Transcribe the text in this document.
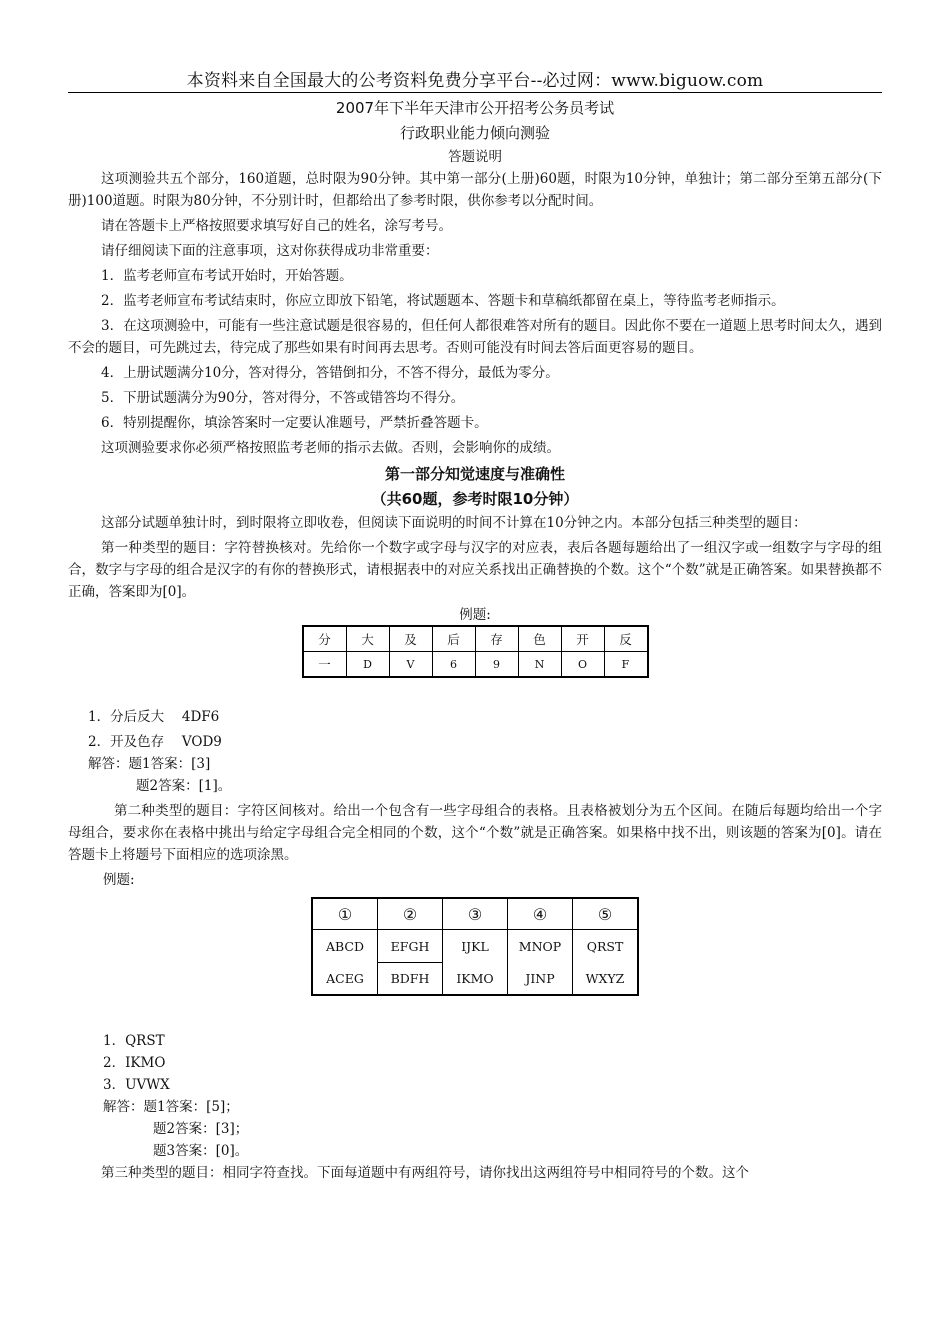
本资料来自全国最大的公考资料免费分享平台--必过网：www.biguow.com
2007年下半年天津市公开招考公务员考试
行政职业能力倾向测验
答题说明

这项测验共五个部分，160道题，总时限为90分钟。其中第一部分(上册)60题，时限为10分钟，单独计；第二部分至第五部分(下册)100道题。时限为80分钟，不分别计时，但都给出了参考时限，供你参考以分配时间。

请在答题卡上严格按照要求填写好自己的姓名，涂写考号。

请仔细阅读下面的注意事项，这对你获得成功非常重要：

1．监考老师宣布考试开始时，开始答题。

2．监考老师宣布考试结束时，你应立即放下铅笔，将试题题本、答题卡和草稿纸都留在桌上，等待监考老师指示。

3．在这项测验中，可能有一些注意试题是很容易的，但任何人都很难答对所有的题目。因此你不要在一道题上思考时间太久，遇到不会的题目，可先跳过去，待完成了那些如果有时间再去思考。否则可能没有时间去答后面更容易的题目。

4．上册试题满分10分，答对得分，答错倒扣分，不答不得分，最低为零分。

5．下册试题满分为90分，答对得分，不答或错答均不得分。

6．特别提醒你，填涂答案时一定要认准题号，严禁折叠答题卡。

这项测验要求你必须严格按照监考老师的指示去做。否则，会影响你的成绩。

第一部分知觉速度与准确性
（共60题，参考时限10分钟）

这部分试题单独计时，到时限将立即收卷，但阅读下面说明的时间不计算在10分钟之内。本部分包括三种类型的题目：

第一种类型的题目：字符替换核对。先给你一个数字或字母与汉字的对应表，表后各题每题给出了一组汉字或一组数字与字母的组合，数字与字母的组合是汉字的有你的替换形式，请根据表中的对应关系找出正确替换的个数。这个“个数”就是正确答案。如果替换都不正确，答案即为[0]。

例题:
分	大	及	后	存	色	开	反
一	D	V	6	9	N	O	F

1．分后反大　 4DF6

2．开及色存　 VOD9

解答：题1答案：[3]

题2答案：[1]。

第二种类型的题目：字符区间核对。给出一个包含有一些字母组合的表格。且表格被划分为五个区间。在随后每题均给出一个字母组合，要求你在表格中挑出与给定字母组合完全相同的个数，这个“个数”就是正确答案。如果格中找不出，则该题的答案为[0]。请在答题卡上将题号下面相应的选项涂黑。

例题:

①	②	③	④	⑤
ABCD	EFGH	IJKL	MNOP	QRST
ACEG	BDFH	IKMO	JINP	WXYZ

1．QRST

2．IKMO

3．UVWX

解答：题1答案：[5]；

题2答案：[3]；

题3答案：[0]。

第三种类型的题目：相同字符查找。下面每道题中有两组符号，请你找出这两组符号中相同符号的个数。这个
